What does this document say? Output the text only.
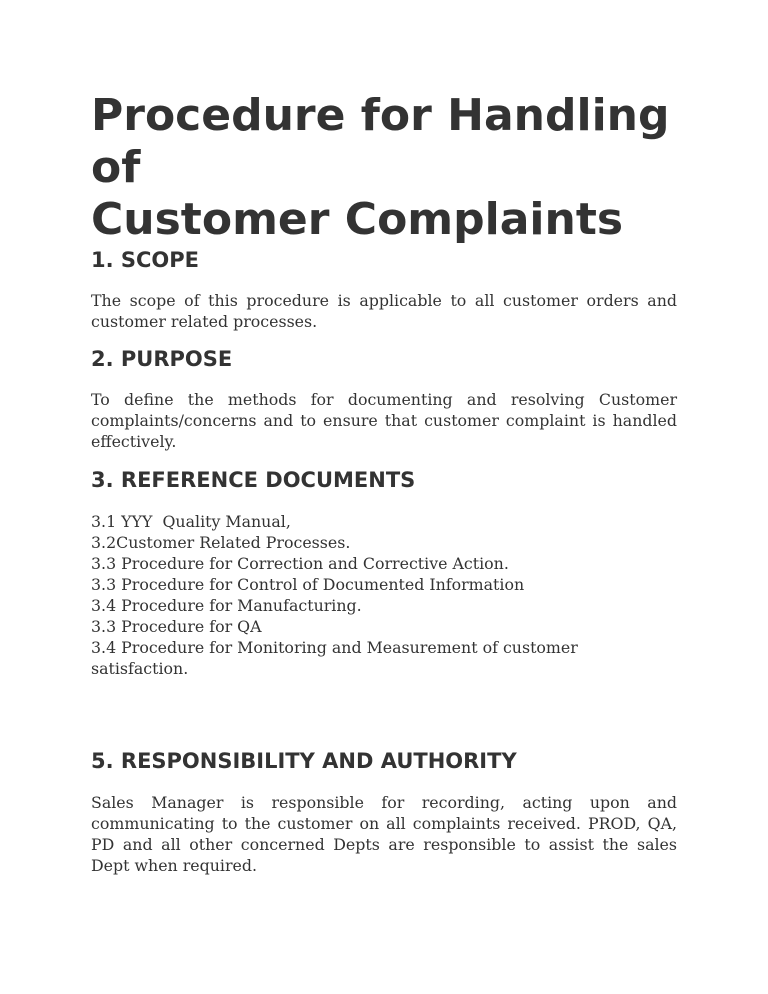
Procedure for Handling
of
Customer Complaints
1. SCOPE

The scope of this procedure is applicable to all customer orders and customer related processes.

2. PURPOSE

To define the methods for documenting and resolving Customer complaints/concerns and to ensure that customer complaint is handled effectively.

3. REFERENCE DOCUMENTS
3.1 YYY  Quality Manual,
3.2Customer Related Processes.
3.3 Procedure for Correction and Corrective Action.
3.3 Procedure for Control of Documented Information
3.4 Procedure for Manufacturing.
3.3 Procedure for QA
3.4 Procedure for Monitoring and Measurement of customer
satisfaction.
5. RESPONSIBILITY AND AUTHORITY

Sales Manager is responsible for recording, acting upon and communicating to the customer on all complaints received. PROD, QA, PD and all other concerned Depts are responsible to assist the sales Dept when required.
